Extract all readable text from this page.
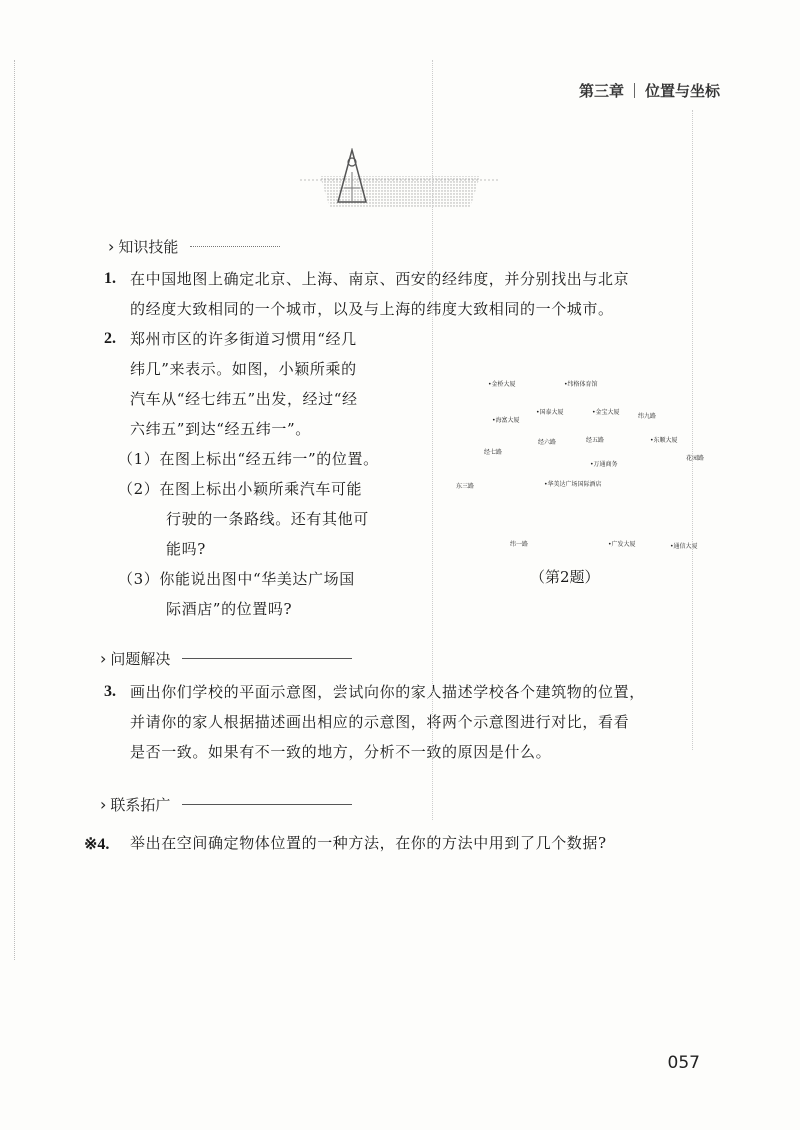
第三章 位置与坐标
› 知识技能
1. 在中国地图上确定北京、上海、南京、西安的经纬度，并分别找出与北京
的经度大致相同的一个城市，以及与上海的纬度大致相同的一个城市。
2. 郑州市区的许多街道习惯用“经几
纬几”来表示。如图，小颖所乘的
汽车从“经七纬五”出发，经过“经
六纬五”到达“经五纬一”。
（1）在图上标出“经五纬一”的位置。
（2）在图上标出小颖所乘汽车可能
行驶的一条路线。还有其他可
能吗?
（3）你能说出图中“华美达广场国
际酒店”的位置吗?
•金桥大厦	•纬格体育馆
•海富大厦
•国泰大厦	•金宝大厦
纬九路
•东顺大厦
经七路
经六路	经五路
•万通商务
东三路
花园路
•华美达广场国际酒店
纬一路	•广发大厦	•通信大厦
（第2题）
› 问题解决
3. 画出你们学校的平面示意图，尝试向你的家人描述学校各个建筑物的位置，
并请你的家人根据描述画出相应的示意图，将两个示意图进行对比，看看
是否一致。如果有不一致的地方，分析不一致的原因是什么。
› 联系拓广
※4. 举出在空间确定物体位置的一种方法，在你的方法中用到了几个数据?
057
